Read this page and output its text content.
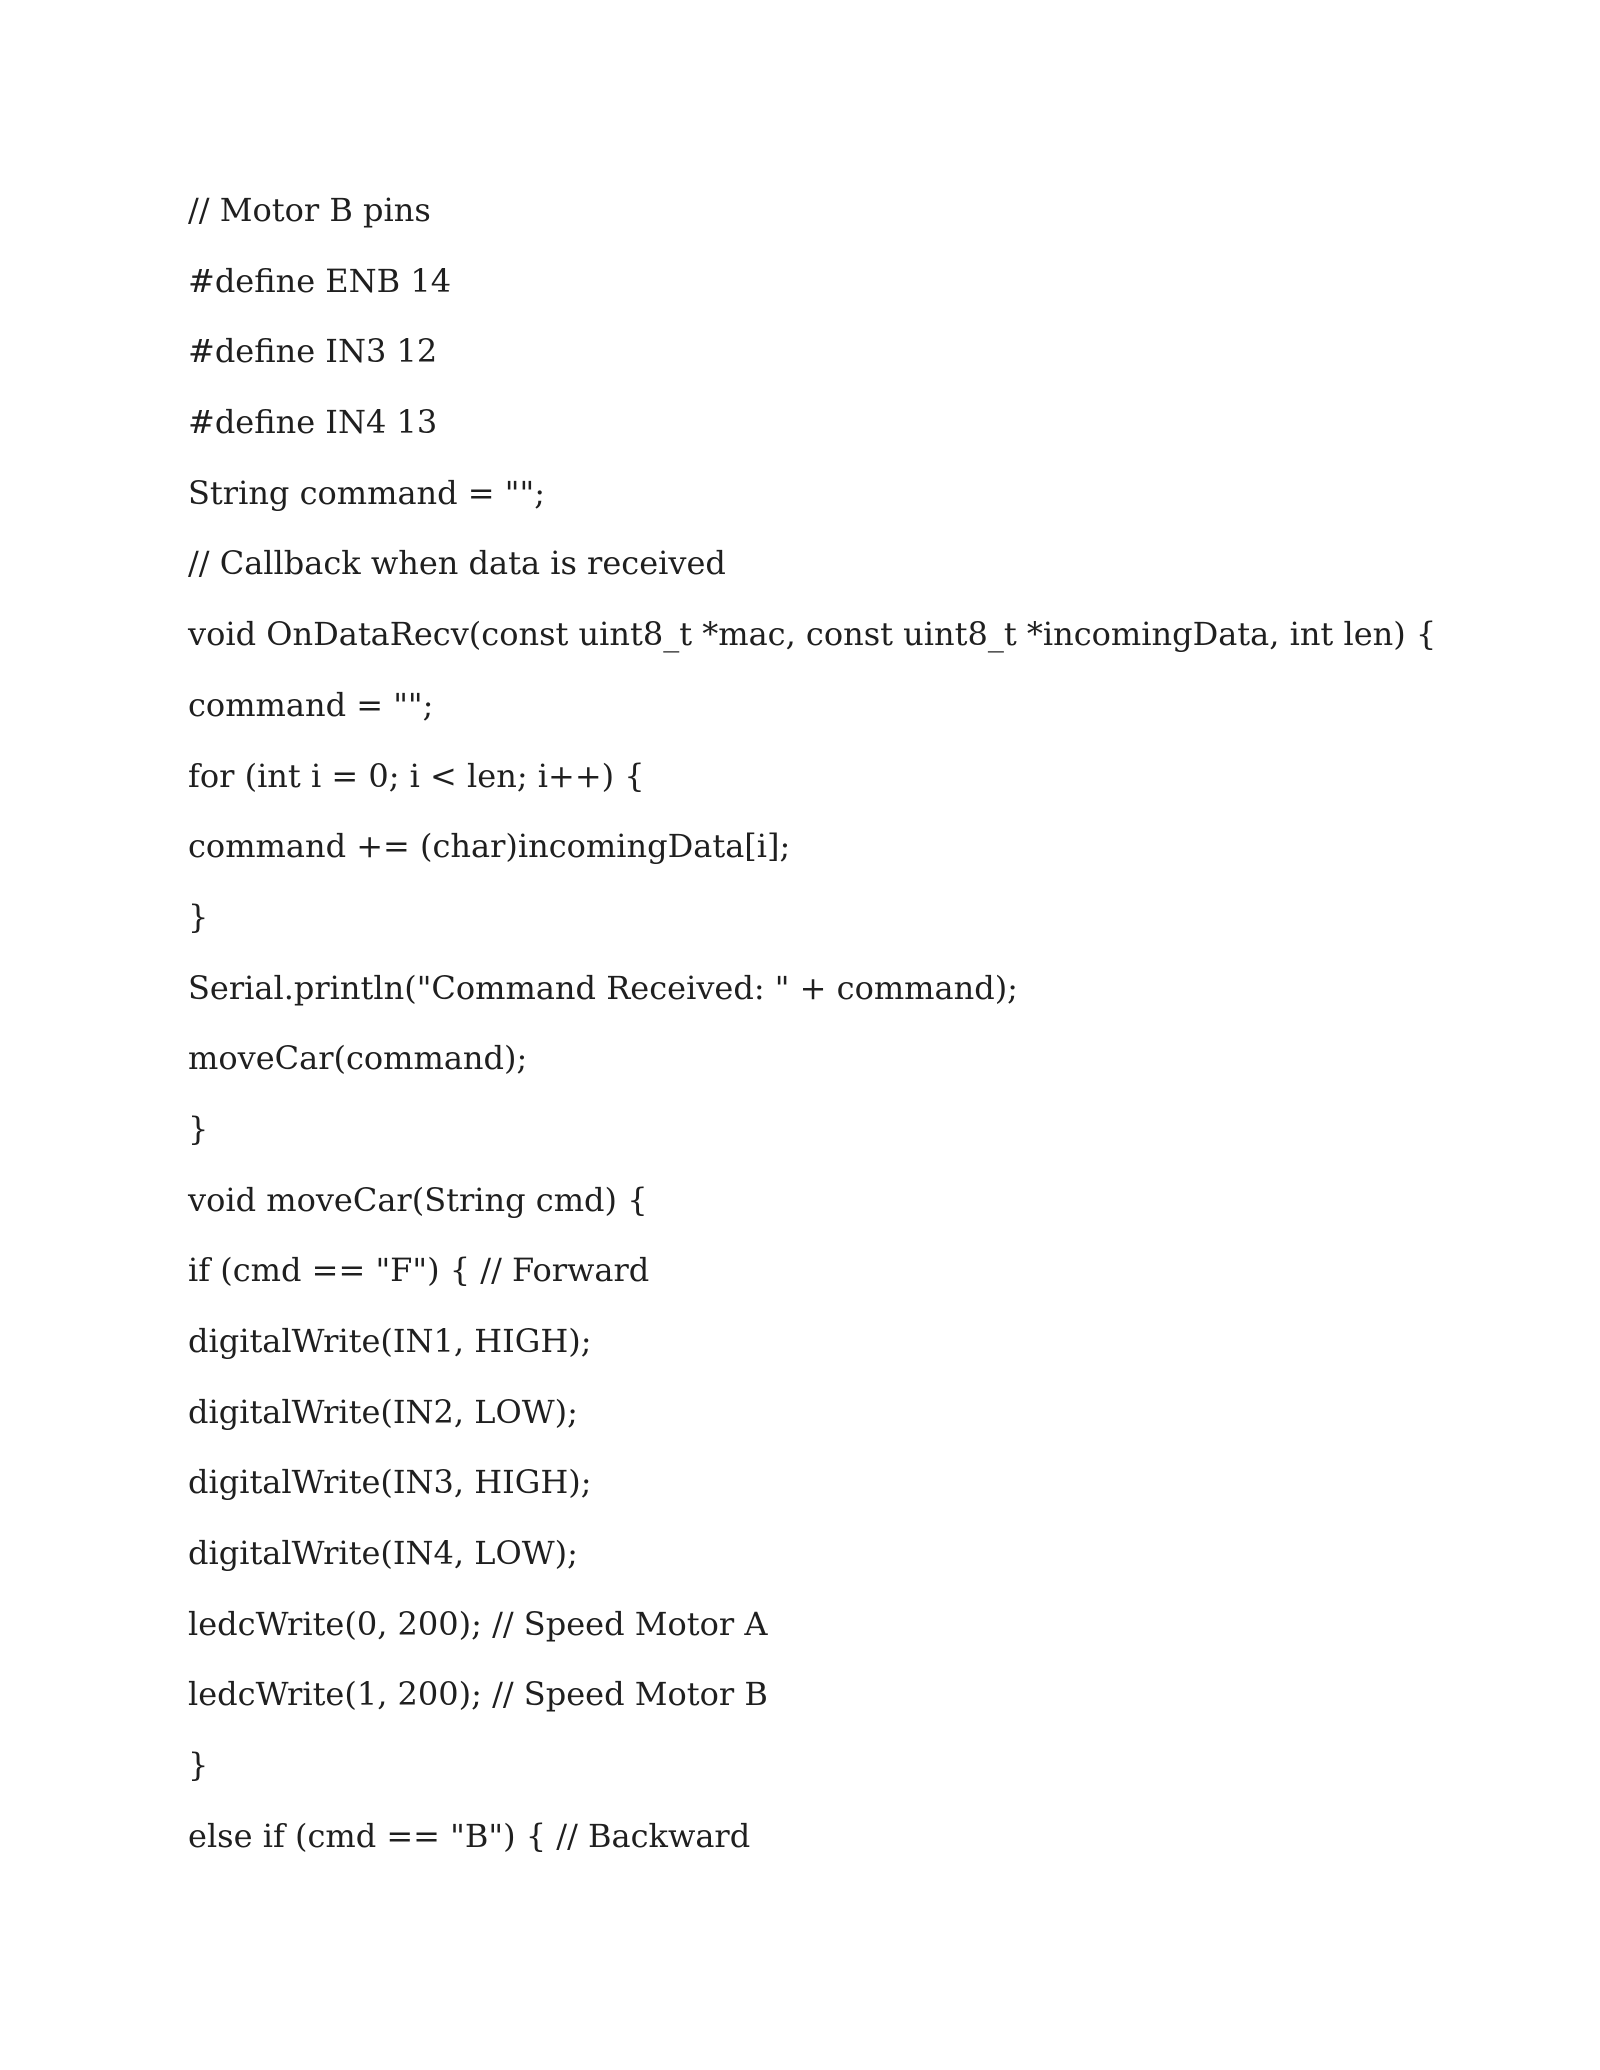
// Motor B pins
#define ENB 14
#define IN3 12
#define IN4 13
String command = "";
// Callback when data is received
void OnDataRecv(const uint8_t *mac, const uint8_t *incomingData, int len) {
command = "";
for (int i = 0; i < len; i++) {
command += (char)incomingData[i];
}
Serial.println("Command Received: " + command);
moveCar(command);
}
void moveCar(String cmd) {
if (cmd == "F") { // Forward
digitalWrite(IN1, HIGH);
digitalWrite(IN2, LOW);
digitalWrite(IN3, HIGH);
digitalWrite(IN4, LOW);
ledcWrite(0, 200); // Speed Motor A
ledcWrite(1, 200); // Speed Motor B
}
else if (cmd == "B") { // Backward
